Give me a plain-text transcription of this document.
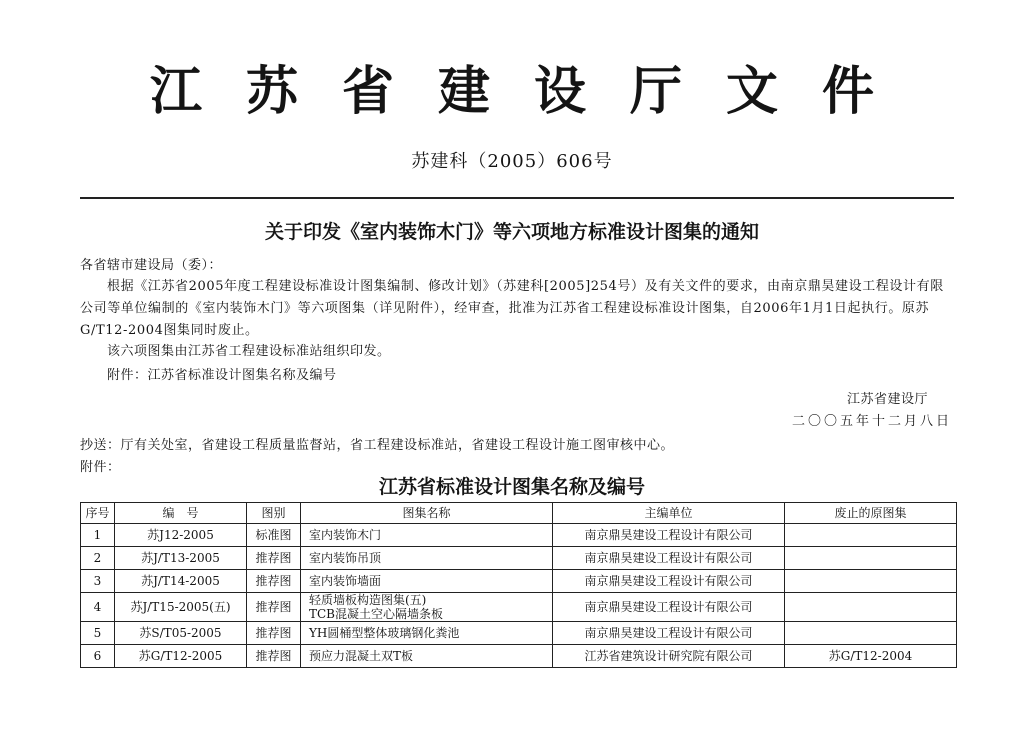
江苏省建设厅文件
苏建科（2005）606号
关于印发《室内装饰木门》等六项地方标准设计图集的通知
各省辖市建设局（委）：
根据《江苏省2005年度工程建设标准设计图集编制、修改计划》（苏建科[2005]254号）及有关文件的要求，由南京鼎昊建设工程设计有限公司等单位编制的《室内装饰木门》等六项图集（详见附件），经审查，批准为江苏省工程建设标准设计图集，自2006年1月1日起执行。原苏G/T12-2004图集同时废止。
该六项图集由江苏省工程建设标准站组织印发。
附件：江苏省标准设计图集名称及编号
江苏省建设厅
二〇〇五年十二月八日
抄送：厅有关处室，省建设工程质量监督站，省工程建设标准站，省建设工程设计施工图审核中心。
附件：
江苏省标准设计图集名称及编号
序号	编　号	图别	图集名称	主编单位	废止的原图集
1	苏J12-2005	标准图	室内装饰木门	南京鼎昊建设工程设计有限公司	
2	苏J/T13-2005	推荐图	室内装饰吊顶	南京鼎昊建设工程设计有限公司	
3	苏J/T14-2005	推荐图	室内装饰墙面	南京鼎昊建设工程设计有限公司	
4	苏J/T15-2005(五)	推荐图	轻质墙板构造图集(五)
TCB混凝土空心隔墙条板	南京鼎昊建设工程设计有限公司	
5	苏S/T05-2005	推荐图	YH圆桶型整体玻璃钢化粪池	南京鼎昊建设工程设计有限公司	
6	苏G/T12-2005	推荐图	预应力混凝土双T板	江苏省建筑设计研究院有限公司	苏G/T12-2004
